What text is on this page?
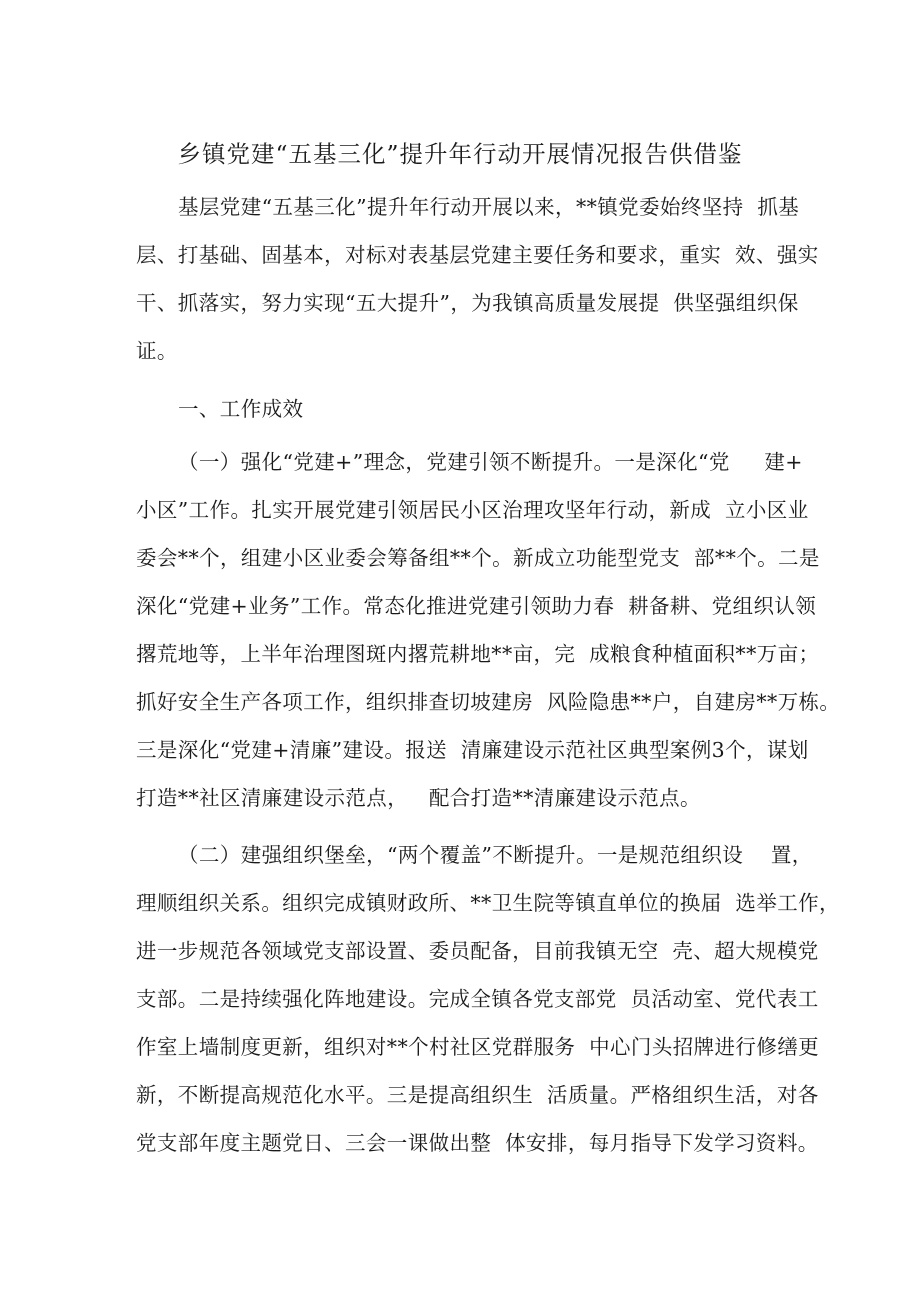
乡镇党建“五基三化”提升年行动开展情况报告供借鉴
基层党建“五基三化”提升年行动开展以来，**镇党委始终坚持  抓基
层、打基础、固基本，对标对表基层党建主要任务和要求，重实  效、强实
干、抓落实，努力实现“五大提升”，为我镇高质量发展提  供坚强组织保
证。
一、工作成效
（一）强化“党建+”理念，党建引领不断提升。一是深化“党     建+
小区”工作。扎实开展党建引领居民小区治理攻坚年行动，新成  立小区业
委会**个，组建小区业委会筹备组**个。新成立功能型党支  部**个。二是
深化“党建+业务”工作。常态化推进党建引领助力春  耕备耕、党组织认领
撂荒地等，上半年治理图斑内撂荒耕地**亩，完  成粮食种植面积**万亩；
抓好安全生产各项工作，组织排查切坡建房  风险隐患**户，自建房**万栋。
三是深化“党建+清廉”建设。报送  清廉建设示范社区典型案例3个，谋划
打造**社区清廉建设示范点，   配合打造**清廉建设示范点。
（二）建强组织堡垒，“两个覆盖”不断提升。一是规范组织设    置，
理顺组织关系。组织完成镇财政所、**卫生院等镇直单位的换届  选举工作，
进一步规范各领域党支部设置、委员配备，目前我镇无空  壳、超大规模党
支部。二是持续强化阵地建设。完成全镇各党支部党  员活动室、党代表工
作室上墙制度更新，组织对**个村社区党群服务  中心门头招牌进行修缮更
新，不断提高规范化水平。三是提高组织生  活质量。严格组织生活，对各
党支部年度主题党日、三会一课做出整  体安排，每月指导下发学习资料。
